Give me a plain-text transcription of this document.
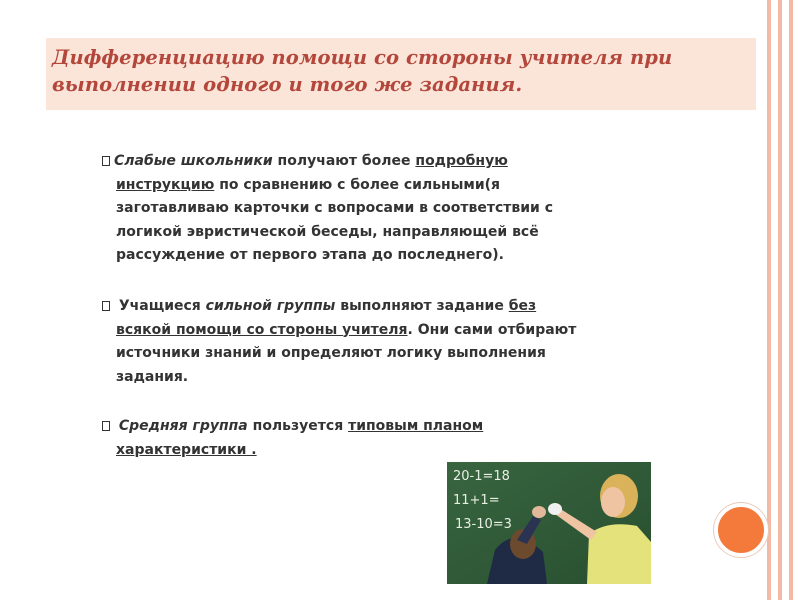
Дифференциацию помощи со стороны учителя при
выполнении одного и того же задания.

Слабые школьники получают более подробную
инструкцию по сравнению с более сильными(я
заготавливаю карточки с вопросами в соответствии с
логикой эвристической беседы, направляющей всё
рассуждение от первого этапа до последнего).

Учащиеся сильной группы выполняют задание без
всякой помощи со стороны учителя. Они сами отбирают
источники знаний и определяют логику выполнения
задания.

Средняя группа пользуется типовым планом
характеристики .

20-1=18
11+1=
13-10=3
